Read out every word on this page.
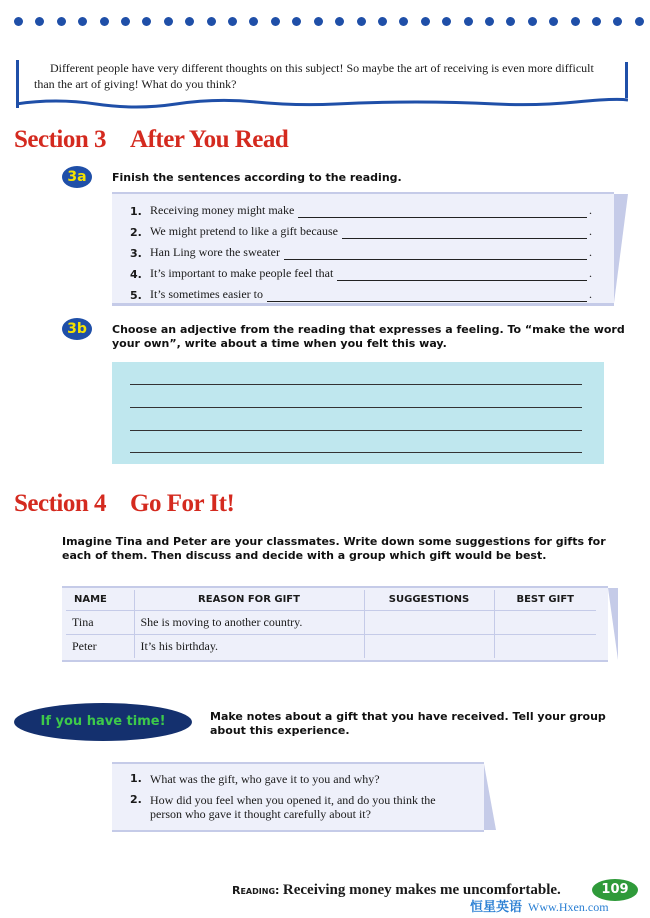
Different people have very different thoughts on this subject! So maybe the art of receiving is even more difficult than the art of giving! What do you think?

Section 3 After You Read
3a	Finish the sentences according to the reading.

1. Receiving money might make	.
2. We might pretend to like a gift because	.
3. Han Ling wore the sweater	.
4. It’s important to make people feel that	.
5. It’s sometimes easier to	.
3b	Choose an adjective from the reading that expresses a feeling. To “make the word your own”, write about a time when you felt this way.

Section 4 Go For It!

Imagine Tina and Peter are your classmates. Write down some suggestions for gifts for each of them. Then discuss and decide with a group which gift would be best.

NAME	REASON FOR GIFT	SUGGESTIONS	BEST GIFT
Tina	She is moving to another country.		
Peter	It’s his birthday.		
If you have time!	Make notes about a gift that you have received. Tell your group about this experience.

1. What was the gift, who gave it to you and why?
2. How did you feel when you opened it, and do you think the person who gave it thought carefully about it?
Reading: Receiving money makes me uncomfortable.	109
恒星英语 Www.Hxen.com
